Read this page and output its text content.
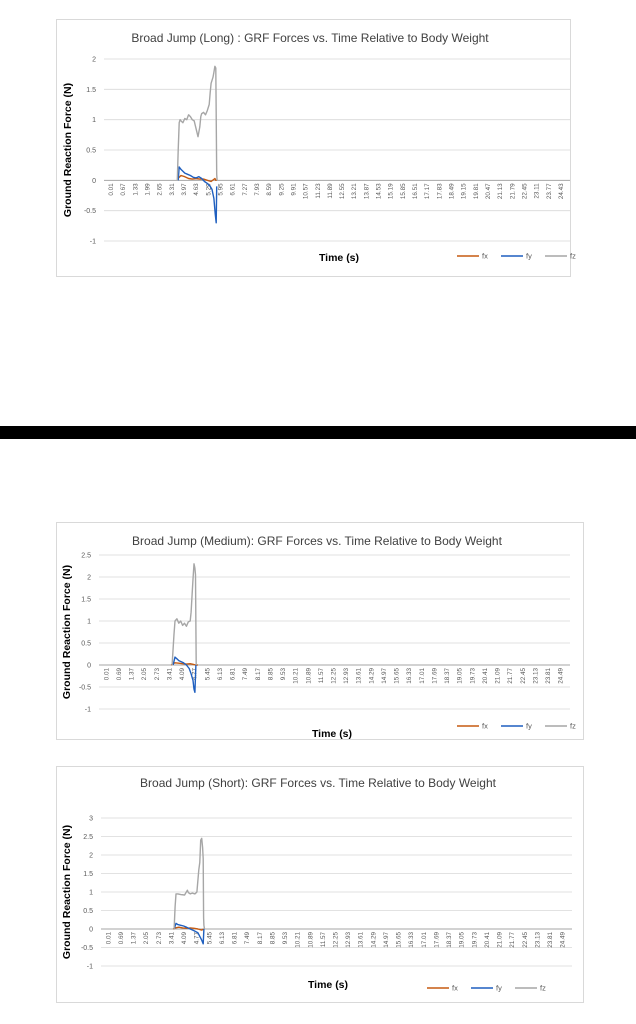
Broad Jump (Long) : GRF Forces vs. Time Relative to Body Weight
2
1.5
1
0.5
0
-0.5
-1
Ground Reaction Force (N)	0.01 0.67 1.33 1.99 2.65 3.31 3.97 4.63 5.29 5.95 6.61 7.27 7.93 8.59 9.25 9.91 10.57 11.23 11.89 12.55 13.21 13.87 14.53 15.19 15.85 16.51 17.17 17.83 18.49 19.15 19.81 20.47 21.13 21.79 22.45 23.11 23.77 24.43
Time (s)	fx	fy	fz
Broad Jump (Medium): GRF Forces vs. Time Relative to Body Weight
2.5
2
1.5
1
0.5
0
-0.5
-1
Ground Reaction Force (N)	0.01 0.69 1.37 2.05 2.73 3.41 4.09 4.77 5.45 6.13 6.81 7.49 8.17 8.85 9.53 10.21 10.89 11.57 12.25 12.93 13.61 14.29 14.97 15.65 16.33 17.01 17.69 18.37 19.05 19.73 20.41 21.09 21.77 22.45 23.13 23.81 24.49
Time (s)
fx	fy	fz
Broad Jump (Short): GRF Forces vs. Time Relative to Body Weight
3
2.5
2
1.5
1
0.5
0
-0.5
-1
Ground Reaction Force (N)	0.01 0.69 1.37 2.05 2.73 3.41 4.09 4.77 5.45 6.13 6.81 7.49 8.17 8.85 9.53 10.21 10.89 11.57 12.25 12.93 13.61 14.29 14.97 15.65 16.33 17.01 17.69 18.37 19.05 19.73 20.41 21.09 21.77 22.45 23.13 23.81 24.49
Time (s)	fx	fy	fz
